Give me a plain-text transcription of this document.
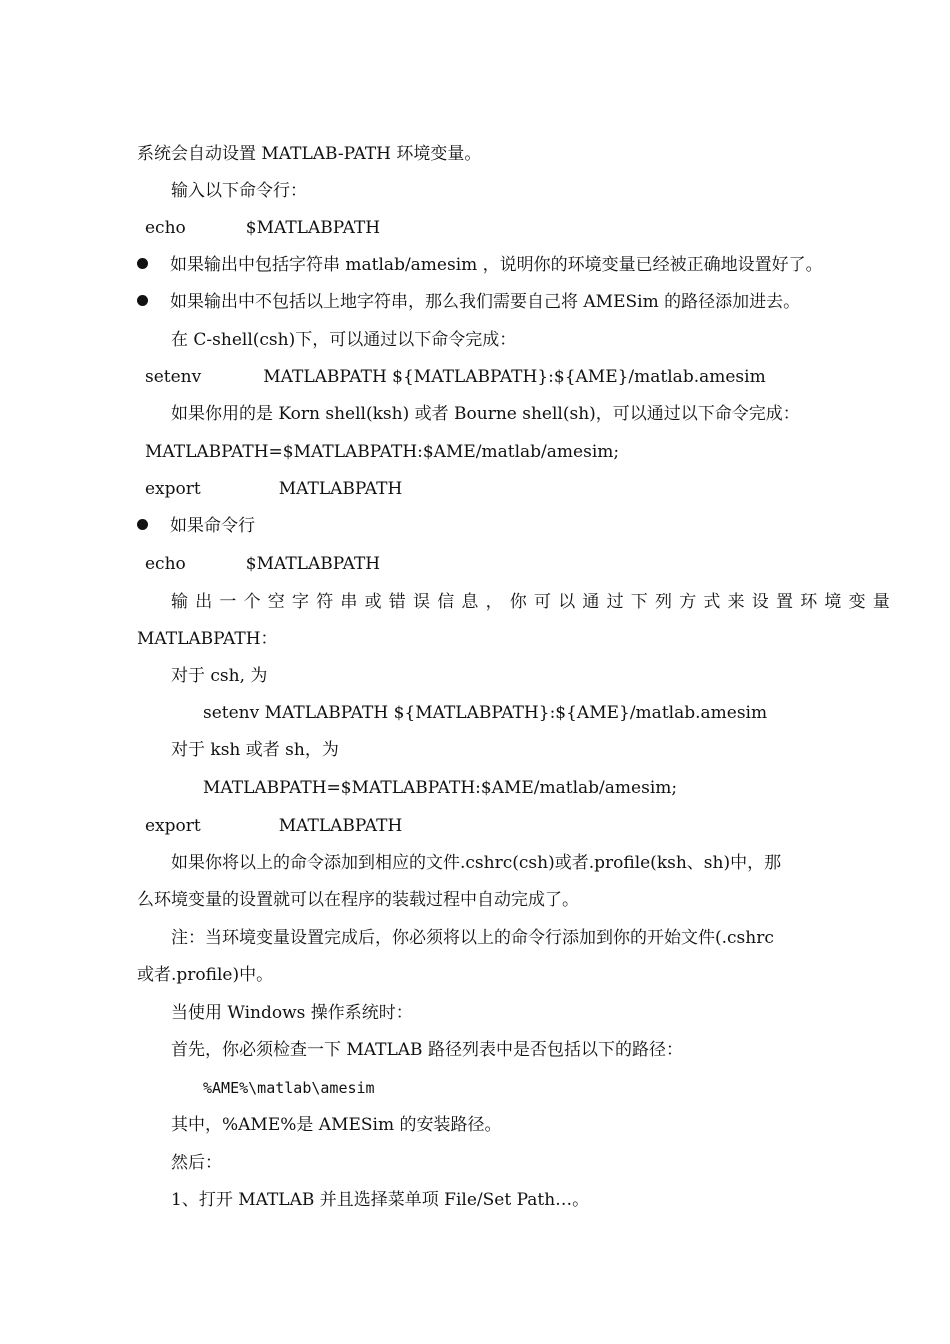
系统会自动设置 MATLAB-PATH 环境变量。
输入以下命令行：
echo	$MATLABPATH
如果输出中包括字符串 matlab/amesim ，说明你的环境变量已经被正确地设置好了。
如果输出中不包括以上地字符串，那么我们需要自己将 AMESim 的路径添加进去。
在 C-shell(csh)下，可以通过以下命令完成：
setenv	MATLABPATH ${MATLABPATH}:${AME}/matlab.amesim
如果你用的是 Korn shell(ksh) 或者 Bourne shell(sh)，可以通过以下命令完成：
MATLABPATH=$MATLABPATH:$AME/matlab/amesim;
export	MATLABPATH
如果命令行
echo	$MATLABPATH
输出一个空字符串或错误信息，你可以通过下列方式来设置环境变量
MATLABPATH：
对于 csh, 为
setenv MATLABPATH ${MATLABPATH}:${AME}/matlab.amesim
对于 ksh 或者 sh，为
MATLABPATH=$MATLABPATH:$AME/matlab/amesim;
export	MATLABPATH
如果你将以上的命令添加到相应的文件.cshrc(csh)或者.profile(ksh、sh)中，那
么环境变量的设置就可以在程序的装载过程中自动完成了。
注：当环境变量设置完成后，你必须将以上的命令行添加到你的开始文件(.cshrc
或者.profile)中。
当使用 Windows 操作系统时：
首先，你必须检查一下 MATLAB 路径列表中是否包括以下的路径：
%AME%\matlab\amesim
其中，%AME%是 AMESim 的安装路径。
然后：
1、打开 MATLAB 并且选择菜单项 File/Set Path…。
